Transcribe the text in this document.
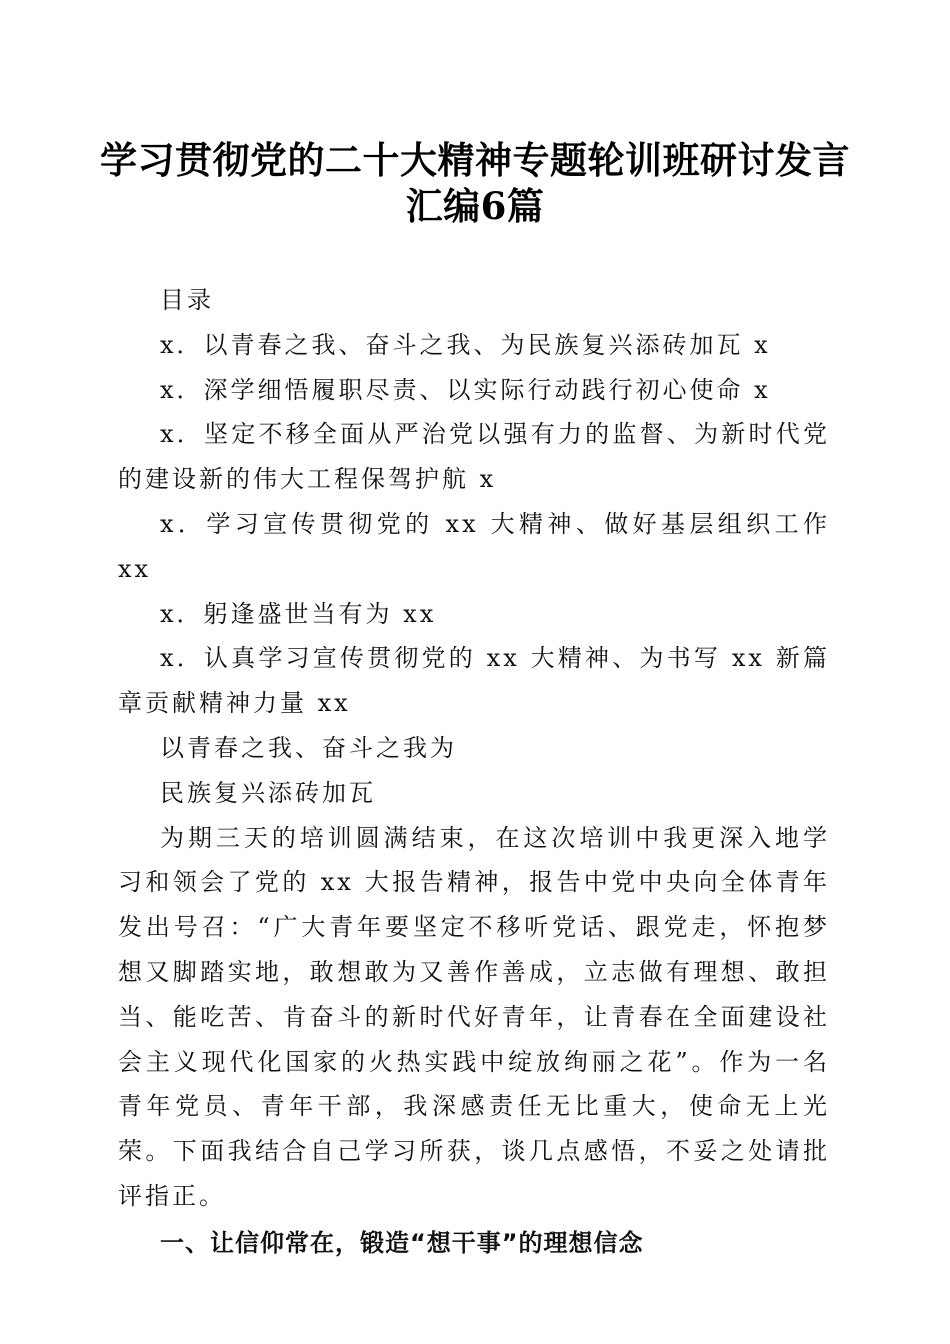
学习贯彻党的二十大精神专题轮训班研讨发言
汇编6篇

目录

x．以青春之我、奋斗之我、为民族复兴添砖加瓦 x

x．深学细悟履职尽责、以实际行动践行初心使命 x

x．坚定不移全面从严治党以强有力的监督、为新时代党的建设新的伟大工程保驾护航 x

x．学习宣传贯彻党的 xx 大精神、做好基层组织工作 xx

x．躬逢盛世当有为 xx

x．认真学习宣传贯彻党的 xx 大精神、为书写 xx 新篇章贡献精神力量 xx

以青春之我、奋斗之我为

民族复兴添砖加瓦

为期三天的培训圆满结束，在这次培训中我更深入地学习和领会了党的 xx 大报告精神，报告中党中央向全体青年发出号召：“广大青年要坚定不移听党话、跟党走，怀抱梦想又脚踏实地，敢想敢为又善作善成，立志做有理想、敢担当、能吃苦、肯奋斗的新时代好青年，让青春在全面建设社会主义现代化国家的火热实践中绽放绚丽之花”。作为一名青年党员、青年干部，我深感责任无比重大，使命无上光荣。下面我结合自己学习所获，谈几点感悟，不妥之处请批评指正。

一、让信仰常在，锻造“想干事”的理想信念
